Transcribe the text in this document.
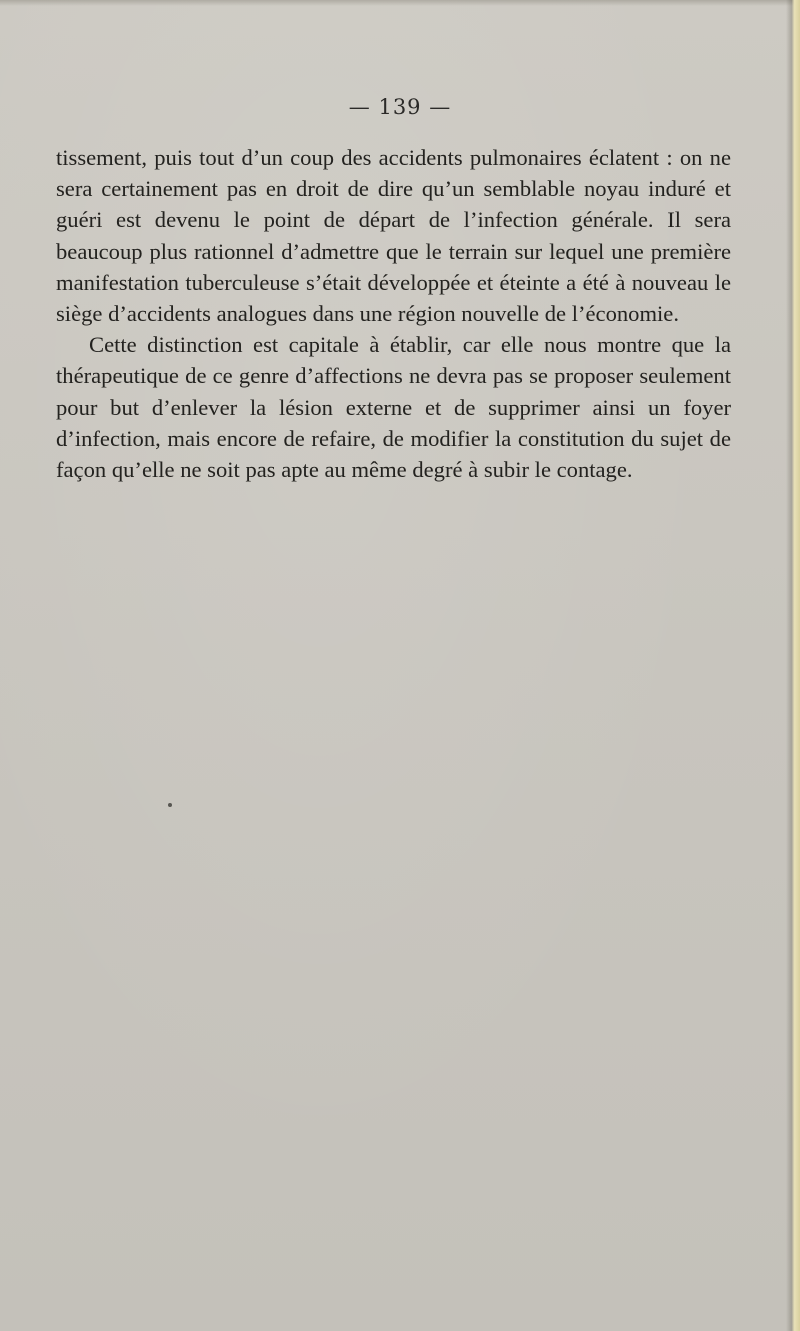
— 139 —

tissement, puis tout d’un coup des accidents pulmonaires éclatent : on ne sera certainement pas en droit de dire qu’un semblable noyau induré et guéri est devenu le point de départ de l’infection générale. Il sera beaucoup plus rationnel d’admettre que le terrain sur lequel une première manifestation tuberculeuse s’était développée et éteinte a été à nouveau le siège d’accidents analogues dans une région nouvelle de l’économie.

Cette distinction est capitale à établir, car elle nous montre que la thérapeutique de ce genre d’affections ne devra pas se proposer seulement pour but d’enlever la lésion externe et de supprimer ainsi un foyer d’infection, mais encore de refaire, de modifier la constitution du sujet de façon qu’elle ne soit pas apte au même degré à subir le contage.
